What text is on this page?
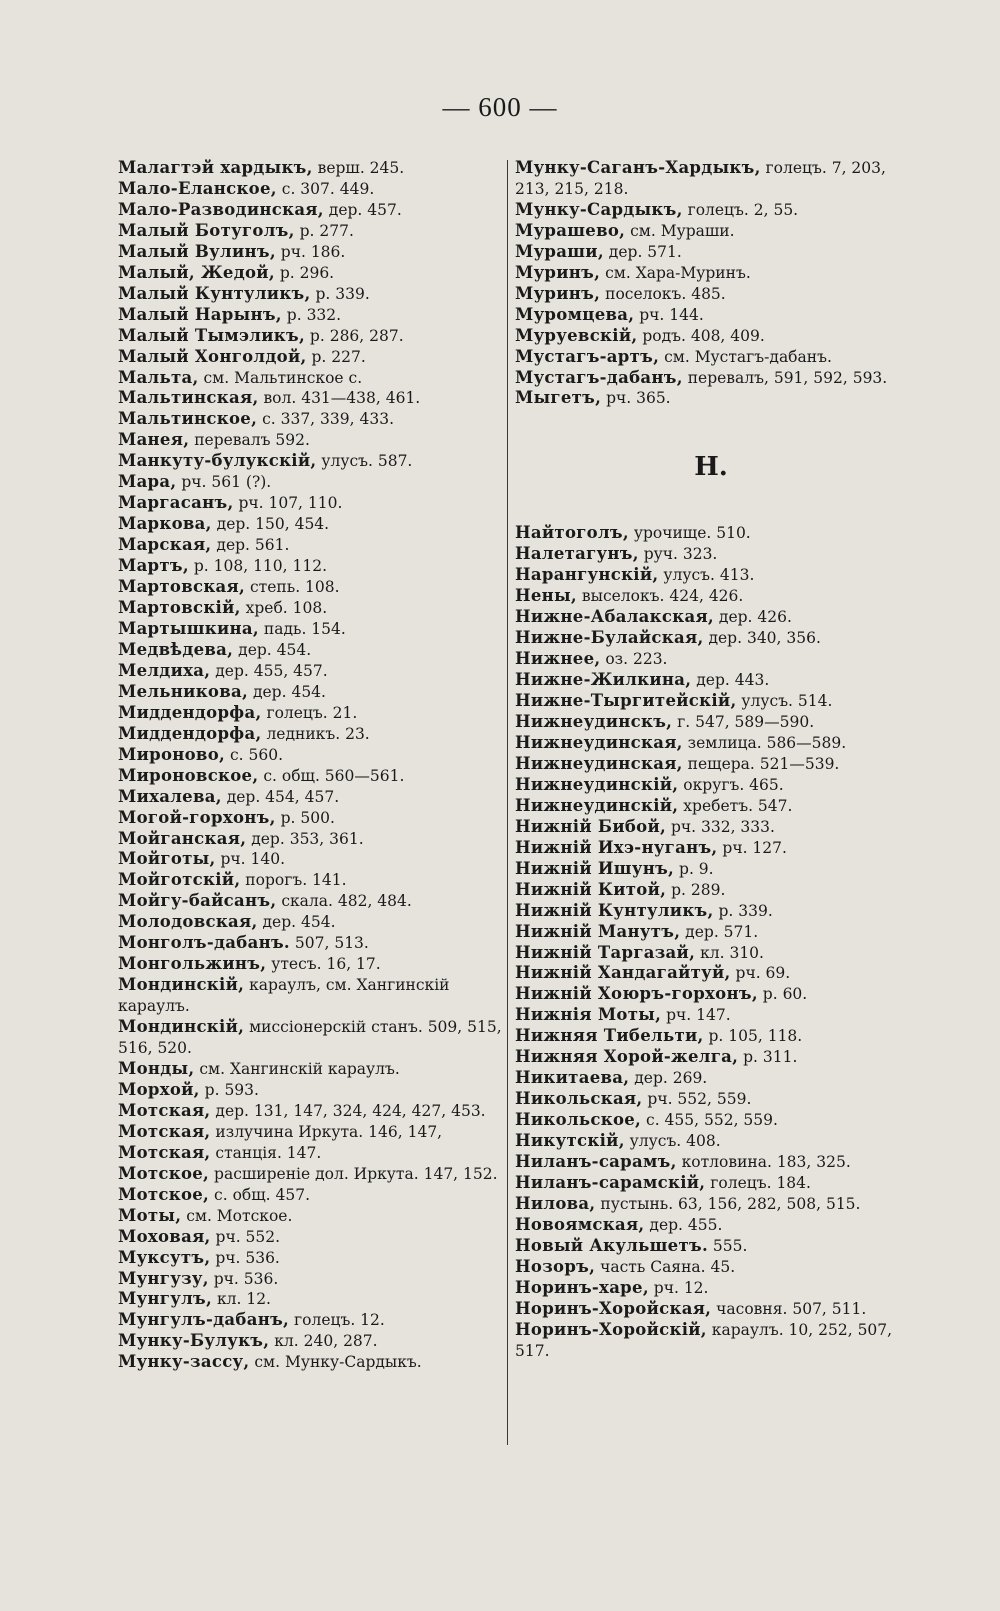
— 600 —

Малагтэй хардыкъ, верш. 245.

Мало-Еланское, с. 307. 449.

Мало-Разводинская, дер. 457.

Малый Ботуголъ, р. 277.

Малый Вулинъ, рч. 186.

Малый, Жедой, р. 296.

Малый Кунтуликъ, р. 339.

Малый Нарынъ, р. 332.

Малый Тымэликъ, р. 286, 287.

Малый Хонголдой, р. 227.

Мальта, см. Мальтинское с.

Мальтинская, вол. 431—438, 461.

Мальтинское, с. 337, 339, 433.

Манея, перевалъ 592.

Манкуту-булукскій, улусъ. 587.

Мара, рч. 561 (?).

Маргасанъ, рч. 107, 110.

Маркова, дер. 150, 454.

Марская, дер. 561.

Мартъ, р. 108, 110, 112.

Мартовская, степь. 108.

Мартовскій, хреб. 108.

Мартышкина, падь. 154.

Медвѣдева, дер. 454.

Мелдиха, дер. 455, 457.

Мельникова, дер. 454.

Миддендорфа, голецъ. 21.

Миддендорфа, ледникъ. 23.

Мироново, с. 560.

Мироновское, с. общ. 560—561.

Михалева, дер. 454, 457.

Могой-горхонъ, р. 500.

Мойганская, дер. 353, 361.

Мойготы, рч. 140.

Мойготскій, порогъ. 141.

Мойгу-байсанъ, скала. 482, 484.

Молодовская, дер. 454.

Монголъ-дабанъ. 507, 513.

Монгольжинъ, утесъ. 16, 17.

Мондинскій, караулъ, см. Хангинскій караулъ.

Мондинскій, миссіонерскій станъ. 509, 515, 516, 520.

Монды, см. Хангинскій караулъ.

Морхой, р. 593.

Мотская, дер. 131, 147, 324, 424, 427, 453.

Мотская, излучина Иркута. 146, 147,

Мотская, станція. 147.

Мотское, расширеніе дол. Иркута. 147, 152.

Мотское, с. общ. 457.

Моты, см. Мотское.

Моховая, рч. 552.

Муксутъ, рч. 536.

Мунгузу, рч. 536.

Мунгулъ, кл. 12.

Мунгулъ-дабанъ, голецъ. 12.

Мунку-Булукъ, кл. 240, 287.

Мунку-зассу, см. Мунку-Сардыкъ.

Мунку-Саганъ-Хардыкъ, голецъ. 7, 203, 213, 215, 218.

Мунку-Сардыкъ, голецъ. 2, 55.

Мурашево, см. Мураши.

Мураши, дер. 571.

Муринъ, см. Хара-Муринъ.

Муринъ, поселокъ. 485.

Муромцева, рч. 144.

Муруевскій, родъ. 408, 409.

Мустагъ-артъ, см. Мустагъ-дабанъ.

Мустагъ-дабанъ, перевалъ, 591, 592, 593.

Мыгетъ, рч. 365.

Н.

Найтоголъ, урочище. 510.

Налетагунъ, руч. 323.

Нарангунскій, улусъ. 413.

Нены, выселокъ. 424, 426.

Нижне-Абалакская, дер. 426.

Нижне-Булайская, дер. 340, 356.

Нижнее, оз. 223.

Нижне-Жилкина, дер. 443.

Нижне-Тыргитейскій, улусъ. 514.

Нижнеудинскъ, г. 547, 589—590.

Нижнеудинская, землица. 586—589.

Нижнеудинская, пещера. 521—539.

Нижнеудинскій, округъ. 465.

Нижнеудинскій, хребетъ. 547.

Нижній Бибой, рч. 332, 333.

Нижній Ихэ-нуганъ, рч. 127.

Нижній Ишунъ, р. 9.

Нижній Китой, р. 289.

Нижній Кунтуликъ, р. 339.

Нижній Манутъ, дер. 571.

Нижній Таргазай, кл. 310.

Нижній Хандагайтуй, рч. 69.

Нижній Хоюръ-горхонъ, р. 60.

Нижнія Моты, рч. 147.

Нижняя Тибельти, р. 105, 118.

Нижняя Хорой-желга, р. 311.

Никитаева, дер. 269.

Никольская, рч. 552, 559.

Никольское, с. 455, 552, 559.

Никутскій, улусъ. 408.

Ниланъ-сарамъ, котловина. 183, 325.

Ниланъ-сарамскій, голецъ. 184.

Нилова, пустынь. 63, 156, 282, 508, 515.

Новоямская, дер. 455.

Новый Акульшетъ. 555.

Нозоръ, часть Саяна. 45.

Норинъ-харе, рч. 12.

Норинъ-Хоройская, часовня. 507, 511.

Норинъ-Хоройскій, караулъ. 10, 252, 507, 517.
